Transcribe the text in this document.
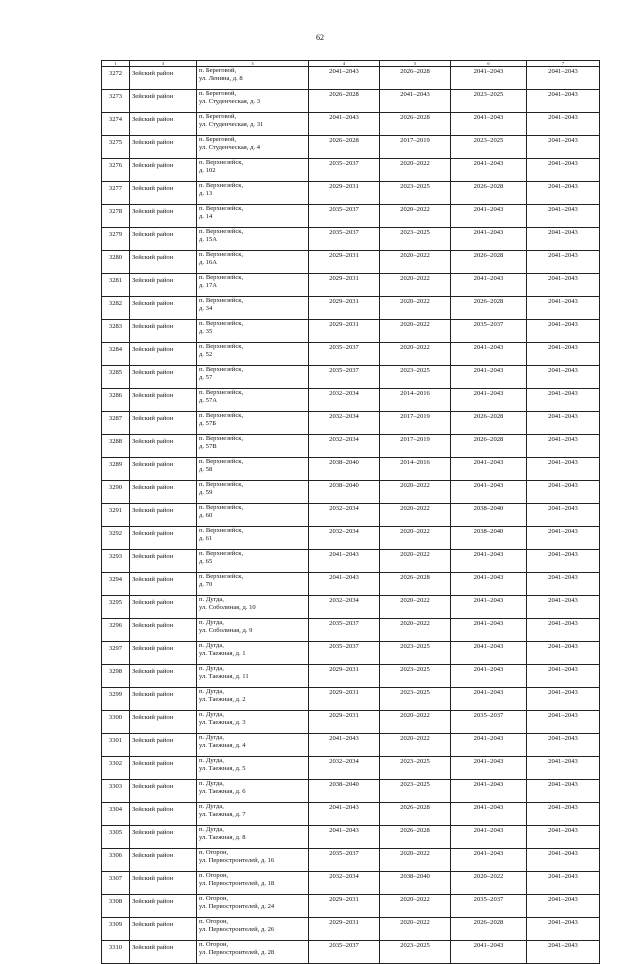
62
1	3	3	4	5	6	7
3272	Зейский район	п. Береговой,
ул. Ленина, д. 8	2041–2043	2026–2028	2041–2043	2041–2043
3273	Зейский район	п. Береговой,
ул. Студенческая, д. 3	2026–2028	2041–2043	2023–2025	2041–2043
3274	Зейский район	п. Береговой,
ул. Студенческая, д. 31	2041–2043	2026–2028	2041–2043	2041–2043
3275	Зейский район	п. Береговой,
ул. Студенческая, д. 4	2026–2028	2017–2019	2023–2025	2041–2043
3276	Зейский район	п. Верхнезейск,
д. 102	2035–2037	2020–2022	2041–2043	2041–2043
3277	Зейский район	п. Верхнезейск,
д. 13	2029–2031	2023–2025	2026–2028	2041–2043
3278	Зейский район	п. Верхнезейск,
д. 14	2035–2037	2020–2022	2041–2043	2041–2043
3279	Зейский район	п. Верхнезейск,
д. 15А	2035–2037	2023–2025	2041–2043	2041–2043
3280	Зейский район	п. Верхнезейск,
д. 16А	2029–2031	2020–2022	2026–2028	2041–2043
3281	Зейский район	п. Верхнезейск,
д. 17А	2029–2031	2020–2022	2041–2043	2041–2043
3282	Зейский район	п. Верхнезейск,
д. 34	2029–2031	2020–2022	2026–2028	2041–2043
3283	Зейский район	п. Верхнезейск,
д. 35	2029–2031	2020–2022	2035–2037	2041–2043
3284	Зейский район	п. Верхнезейск,
д. 52	2035–2037	2020–2022	2041–2043	2041–2043
3285	Зейский район	п. Верхнезейск,
д. 57	2035–2037	2023–2025	2041–2043	2041–2043
3286	Зейский район	п. Верхнезейск,
д. 57А	2032–2034	2014–2016	2041–2043	2041–2043
3287	Зейский район	п. Верхнезейск,
д. 57Б	2032–2034	2017–2019	2026–2028	2041–2043
3288	Зейский район	п. Верхнезейск,
д. 57В	2032–2034	2017–2019	2026–2028	2041–2043
3289	Зейский район	п. Верхнезейск,
д. 58	2038–2040	2014–2016	2041–2043	2041–2043
3290	Зейский район	п. Верхнезейск,
д. 59	2038–2040	2020–2022	2041–2043	2041–2043
3291	Зейский район	п. Верхнезейск,
д. 60	2032–2034	2020–2022	2038–2040	2041–2043
3292	Зейский район	п. Верхнезейск,
д. 61	2032–2034	2020–2022	2038–2040	2041–2043
3293	Зейский район	п. Верхнезейск,
д. 65	2041–2043	2020–2022	2041–2043	2041–2043
3294	Зейский район	п. Верхнезейск,
д. 70	2041–2043	2026–2028	2041–2043	2041–2043
3295	Зейский район	п. Дугда,
ул. Соболиная, д. 10	2032–2034	2020–2022	2041–2043	2041–2043
3296	Зейский район	п. Дугда,
ул. Соболиная, д. 9	2035–2037	2020–2022	2041–2043	2041–2043
3297	Зейский район	п. Дугда,
ул. Таежная, д. 1	2035–2037	2023–2025	2041–2043	2041–2043
3298	Зейский район	п. Дугда,
ул. Таежная, д. 11	2029–2031	2023–2025	2041–2043	2041–2043
3299	Зейский район	п. Дугда,
ул. Таежная, д. 2	2029–2031	2023–2025	2041–2043	2041–2043
3300	Зейский район	п. Дугда,
ул. Таежная, д. 3	2029–2031	2020–2022	2035–2037	2041–2043
3301	Зейский район	п. Дугда,
ул. Таежная, д. 4	2041–2043	2020–2022	2041–2043	2041–2043
3302	Зейский район	п. Дугда,
ул. Таежная, д. 5	2032–2034	2023–2025	2041–2043	2041–2043
3303	Зейский район	п. Дугда,
ул. Таежная, д. 6	2038–2040	2023–2025	2041–2043	2041–2043
3304	Зейский район	п. Дугда,
ул. Таежная, д. 7	2041–2043	2026–2028	2041–2043	2041–2043
3305	Зейский район	п. Дугда,
ул. Таежная, д. 8	2041–2043	2026–2028	2041–2043	2041–2043
3306	Зейский район	п. Огорон,
ул. Первостроителей, д. 16	2035–2037	2020–2022	2041–2043	2041–2043
3307	Зейский район	п. Огорон,
ул. Первостроителей, д. 18	2032–2034	2038–2040	2020–2022	2041–2043
3308	Зейский район	п. Огорон,
ул. Первостроителей, д. 24	2029–2031	2020–2022	2035–2037	2041–2043
3309	Зейский район	п. Огорон,
ул. Первостроителей, д. 26	2029–2031	2020–2022	2026–2028	2041–2043
3310	Зейский район	п. Огорон,
ул. Первостроителей, д. 28	2035–2037	2023–2025	2041–2043	2041–2043
